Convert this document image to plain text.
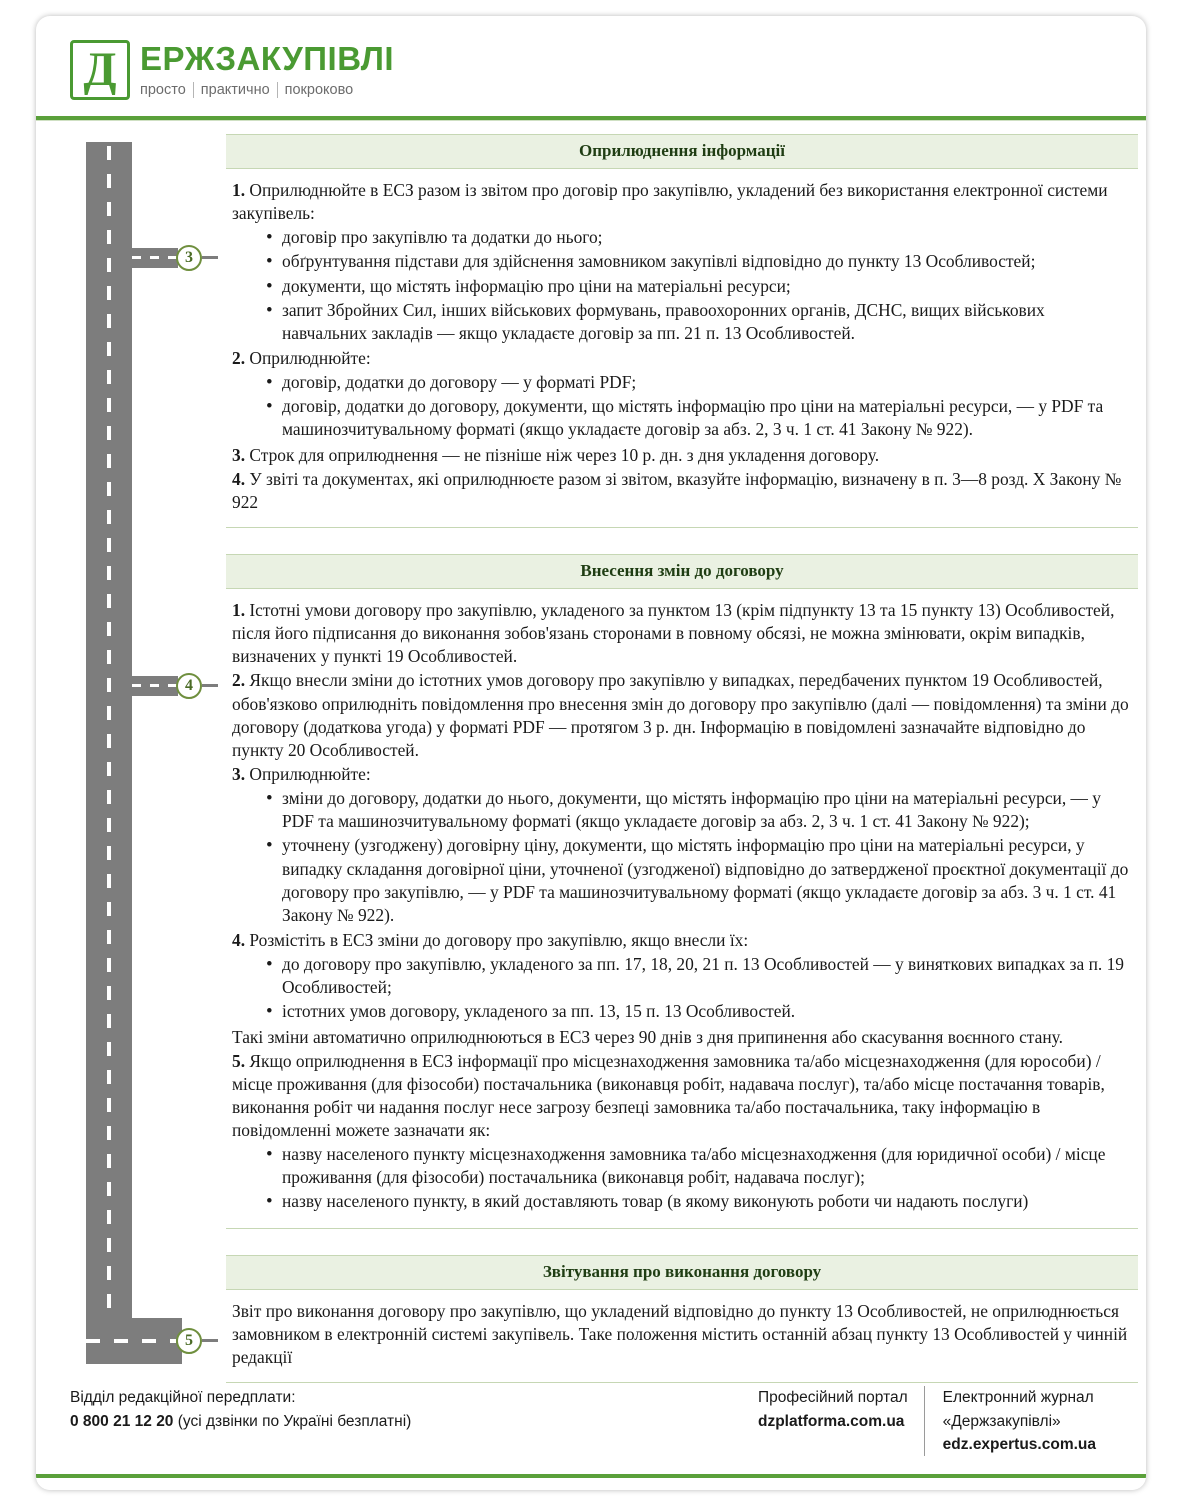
Д ЕРЖЗАКУПІВЛІ
просто	практично	покроково
3
4
5
Оприлюднення інформації

1. Оприлюднюйте в ЕСЗ разом із звітом про договір про закупівлю, укладений без використання електронної системи закупівель:

• договір про закупівлю та додатки до нього;
• обґрунтування підстави для здійснення замовником закупівлі відповідно до пункту 13 Особливостей;
• документи, що містять інформацію про ціни на матеріальні ресурси;
• запит Збройних Сил, інших військових формувань, правоохоронних органів, ДСНС, вищих військових навчальних закладів — якщо укладаєте договір за пп. 21 п. 13 Особливостей.

2. Оприлюднюйте:

• договір, додатки до договору — у форматі PDF;
• договір, додатки до договору, документи, що містять інформацію про ціни на матеріальні ресурси, — у PDF та машинозчитувальному форматі (якщо укладаєте договір за абз. 2, 3 ч. 1 ст. 41 Закону № 922).

3. Строк для оприлюднення — не пізніше ніж через 10 р. дн. з дня укладення договору.

4. У звіті та документах, які оприлюднюєте разом зі звітом, вказуйте інформацію, визначену в п. 3—8 розд. X Закону № 922

Внесення змін до договору

1. Істотні умови договору про закупівлю, укладеного за пунктом 13 (крім підпункту 13 та 15 пункту 13) Особливостей, після його підписання до виконання зобов'язань сторонами в повному обсязі, не можна змінювати, окрім випадків, визначених у пункті 19 Особливостей.

2. Якщо внесли зміни до істотних умов договору про закупівлю у випадках, передбачених пунктом 19 Особливостей, обов'язково оприлюдніть повідомлення про внесення змін до договору про закупівлю (далі — повідомлення) та зміни до договору (додаткова угода) у форматі PDF — протягом 3 р. дн. Інформацію в повідомлені зазначайте відповідно до пункту 20 Особливостей.

3. Оприлюднюйте:

• зміни до договору, додатки до нього, документи, що містять інформацію про ціни на матеріальні ресурси, — у PDF та машинозчитувальному форматі (якщо укладаєте договір за абз. 2, 3 ч. 1 ст. 41 Закону № 922);
• уточнену (узгоджену) договірну ціну, документи, що містять інформацію про ціни на матеріальні ресурси, у випадку складання договірної ціни, уточненої (узгодженої) відповідно до затвердженої проєктної документації до договору про закупівлю, — у PDF та машинозчитувальному форматі (якщо укладаєте договір за абз. 3 ч. 1 ст. 41 Закону № 922).

4. Розмістіть в ЕСЗ зміни до договору про закупівлю, якщо внесли їх:

• до договору про закупівлю, укладеного за пп. 17, 18, 20, 21 п. 13 Особливостей — у виняткових випадках за п. 19 Особливостей;
• істотних умов договору, укладеного за пп. 13, 15 п. 13 Особливостей.

Такі зміни автоматично оприлюднюються в ЕСЗ через 90 днів з дня припинення або скасування воєнного стану.

5. Якщо оприлюднення в ЕСЗ інформації про місцезнаходження замовника та/або місцезнаходження (для юрособи) / місце проживання (для фізособи) постачальника (виконавця робіт, надавача послуг), та/або місце постачання товарів, виконання робіт чи надання послуг несе загрозу безпеці замовника та/або постачальника, таку інформацію в повідомленні можете зазначати як:

• назву населеного пункту місцезнаходження замовника та/або місцезнаходження (для юридичної особи) / місце проживання (для фізособи) постачальника (виконавця робіт, надавача послуг);
• назву населеного пункту, в який доставляють товар (в якому виконують роботи чи надають послуги)
Звітування про виконання договору

Звіт про виконання договору про закупівлю, що укладений відповідно до пункту 13 Особливостей, не оприлюднюється замовником в електронній системі закупівель. Таке положення містить останній абзац пункту 13 Особливостей у чинній редакції

Відділ редакційної передплати:
0 800 21 12 20 (усі дзвінки по Україні безплатні)
Професійний портал
dzplatforma.com.ua
Електронний журнал
«Держзакупівлі»
edz.expertus.com.ua
